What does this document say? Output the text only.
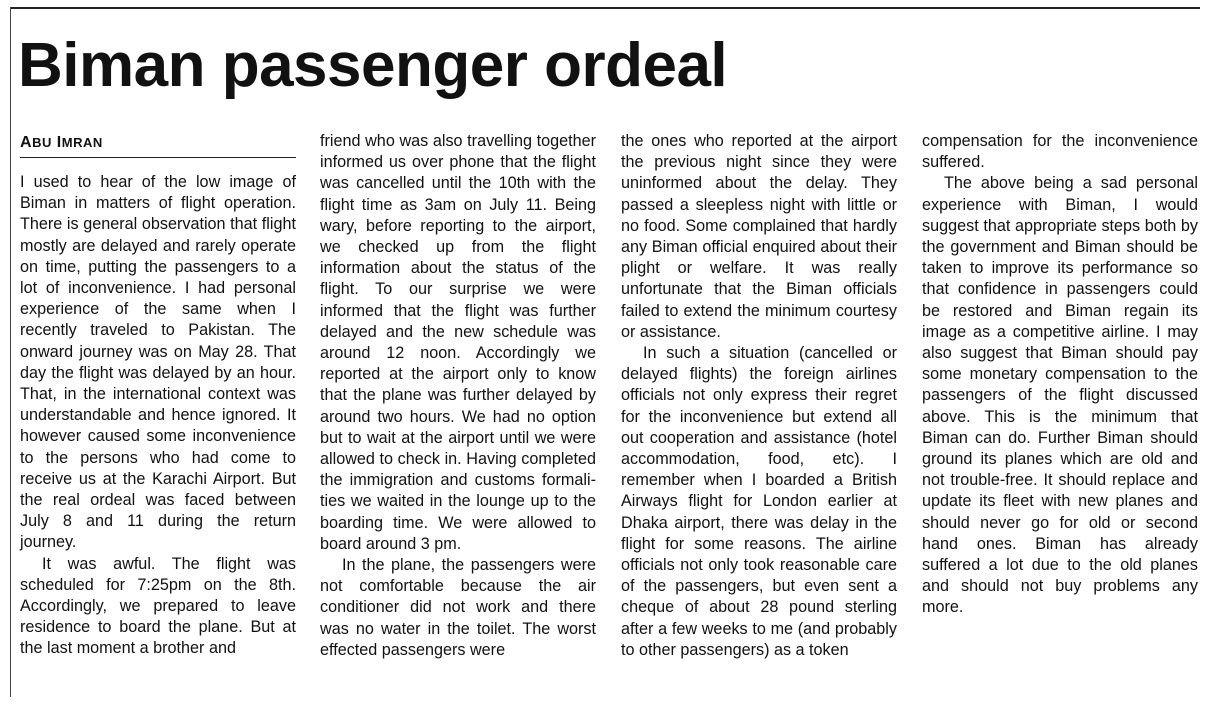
Biman passenger ordeal
ABU IMRAN

I used to hear of the low image of Biman in matters of flight operation. There is general observation that flight mostly are delayed and rarely operate on time, putting the passengers to a lot of inconvenience. I had personal experience of the same when I recently traveled to Pakistan. The onward journey was on May 28. That day the flight was delayed by an hour. That, in the international context was understandable and hence ignored. It however caused some inconvenience to the persons who had come to receive us at the Karachi Airport. But the real ordeal was faced between July 8 and 11 during the return journey.

It was awful. The flight was scheduled for 7:25pm on the 8th. Accordingly, we prepared to leave residence to board the plane. But at the last moment a brother and

friend who was also travelling together informed us over phone that the flight was cancelled until the 10th with the flight time as 3am on July 11. Being wary, before reporting to the airport, we checked up from the flight information about the status of the flight. To our surprise we were informed that the flight was further delayed and the new schedule was around 12 noon. Accordingly we reported at the airport only to know that the plane was further delayed by around two hours. We had no option but to wait at the airport until we were allowed to check in. Having completed the immigration and customs formalities we waited in the lounge up to the boarding time. We were allowed to board around 3 pm.

In the plane, the passengers were not comfortable because the air conditioner did not work and there was no water in the toilet. The worst effected passengers were

the ones who reported at the airport the previous night since they were uninformed about the delay. They passed a sleepless night with little or no food. Some complained that hardly any Biman official enquired about their plight or welfare. It was really unfortunate that the Biman officials failed to extend the minimum courtesy or assistance.

In such a situation (cancelled or delayed flights) the foreign airlines officials not only express their regret for the inconvenience but extend all out cooperation and assistance (hotel accommodation, food, etc). I remember when I boarded a British Airways flight for London earlier at Dhaka airport, there was delay in the flight for some reasons. The airline officials not only took reasonable care of the passengers, but even sent a cheque of about 28 pound sterling after a few weeks to me (and probably to other passengers) as a token

compensation for the inconvenience suffered.

The above being a sad personal experience with Biman, I would suggest that appropriate steps both by the government and Biman should be taken to improve its performance so that confidence in passengers could be restored and Biman regain its image as a competitive airline. I may also suggest that Biman should pay some monetary compensation to the passengers of the flight discussed above. This is the minimum that Biman can do. Further Biman should ground its planes which are old and not trouble-free. It should replace and update its fleet with new planes and should never go for old or second hand ones. Biman has already suffered a lot due to the old planes and should not buy problems any more.
